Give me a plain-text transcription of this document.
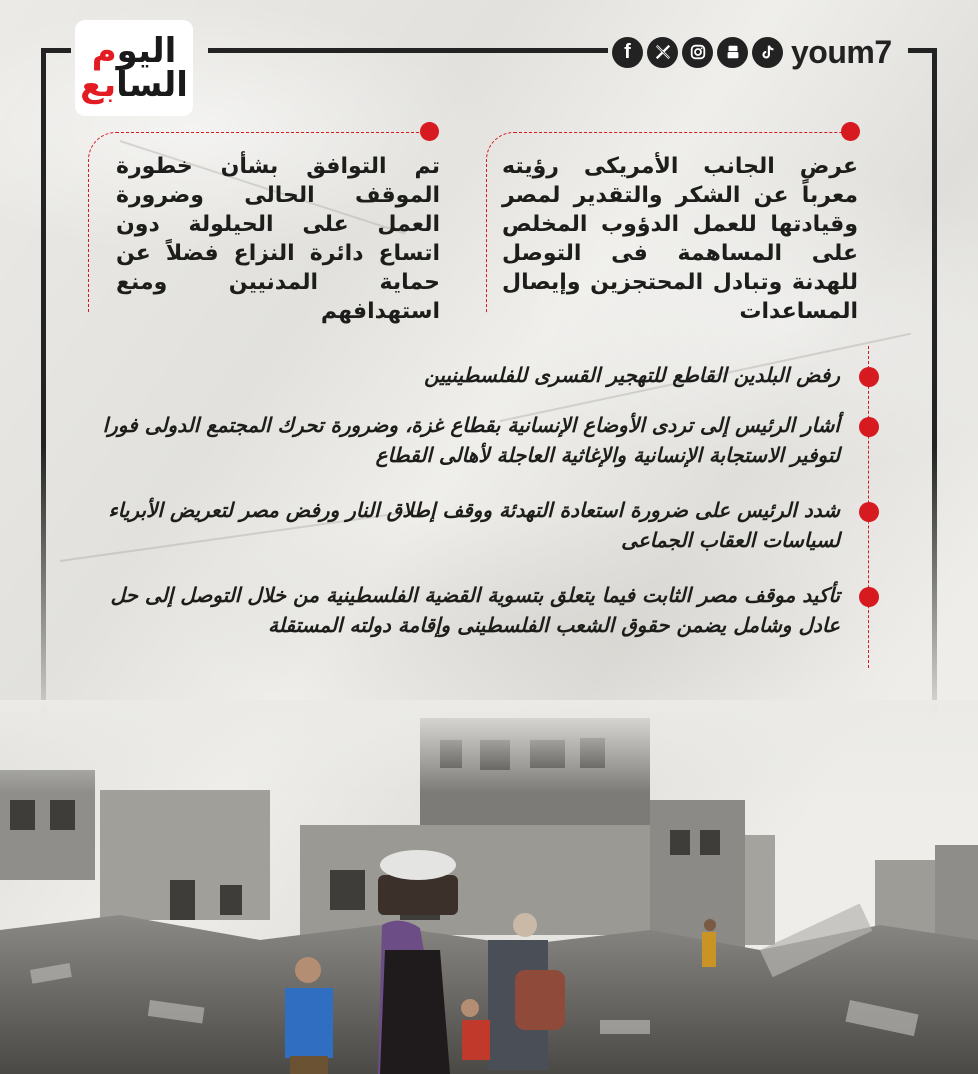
اليوم
السابع
f	youm7
عرض الجانب الأمريكى رؤيته معرباً عن الشكر والتقدير لمصر وقيادتها للعمل الدؤوب المخلص على المساهمة فى التوصل للهدنة وتبادل المحتجزين وإيصال المساعدات
تم التوافق بشأن خطورة الموقف الحالى وضرورة العمل على الحيلولة دون اتساع دائرة النزاع فضلاً عن حماية المدنيين ومنع استهدافهم
رفض البلدين القاطع للتهجير القسرى للفلسطينيين
أشار الرئيس إلى تردى الأوضاع الإنسانية بقطاع غزة، وضرورة تحرك المجتمع الدولى فورا لتوفير الاستجابة الإنسانية والإغاثية العاجلة لأهالى القطاع
شدد الرئيس على ضرورة استعادة التهدئة ووقف إطلاق النار ورفض مصر لتعريض الأبرياء لسياسات العقاب الجماعى
تأكيد موقف مصر الثابت فيما يتعلق بتسوية القضية الفلسطينية من خلال التوصل إلى حل عادل وشامل يضمن حقوق الشعب الفلسطينى وإقامة دولته المستقلة
